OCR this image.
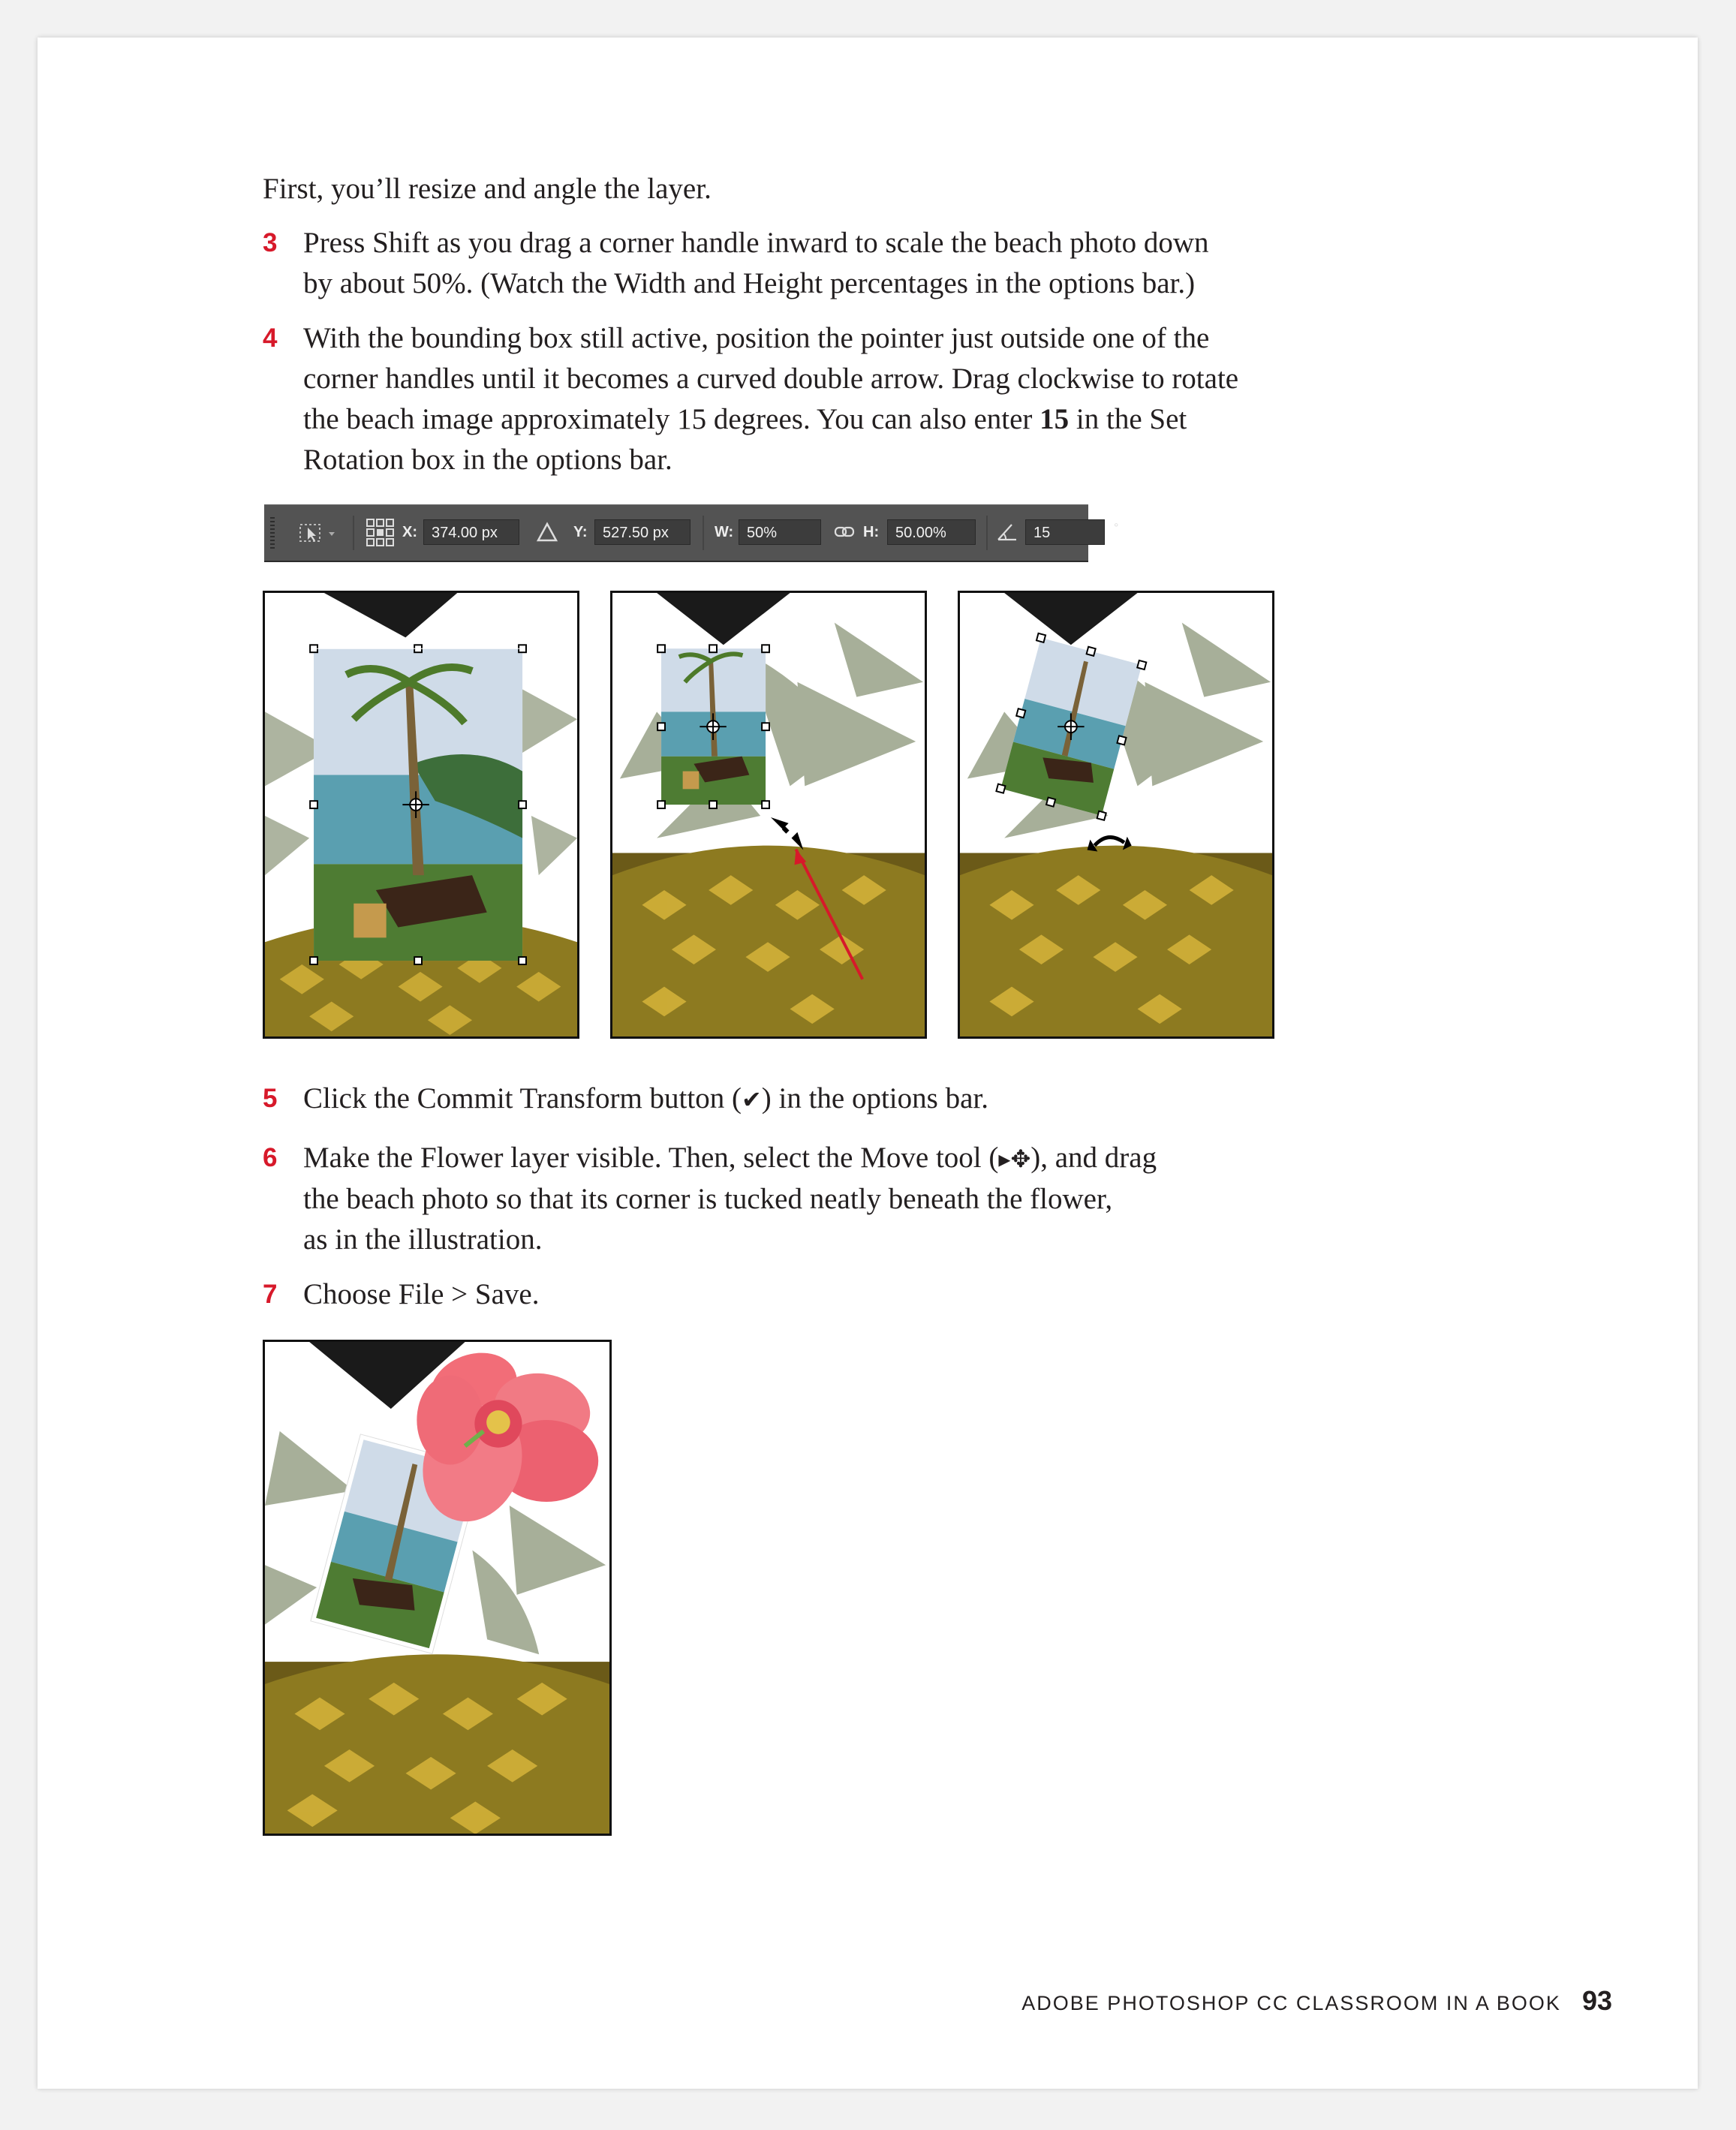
First, you’ll resize and angle the layer.

3 Press Shift as you drag a corner handle inward to scale the beach photo down
by about 50%. (Watch the Width and Height percentages in the options bar.)
4 With the bounding box still active, position the pointer just outside one of the
corner handles until it becomes a curved double arrow. Drag clockwise to rotate
the beach image approximately 15 degrees. You can also enter 15 in the Set
Rotation box in the options bar.
X: 374.00 px	Y:	527.50 px	W: 50%	H:	50.00%	15	°
5 Click the Commit Transform button (✔) in the options bar.
6 Make the Flower layer visible. Then, select the Move tool (▸✥), and drag
the beach photo so that its corner is tucked neatly beneath the flower,
as in the illustration.
7 Choose File > Save.
ADOBE PHOTOSHOP CC CLASSROOM IN A BOOK 93
